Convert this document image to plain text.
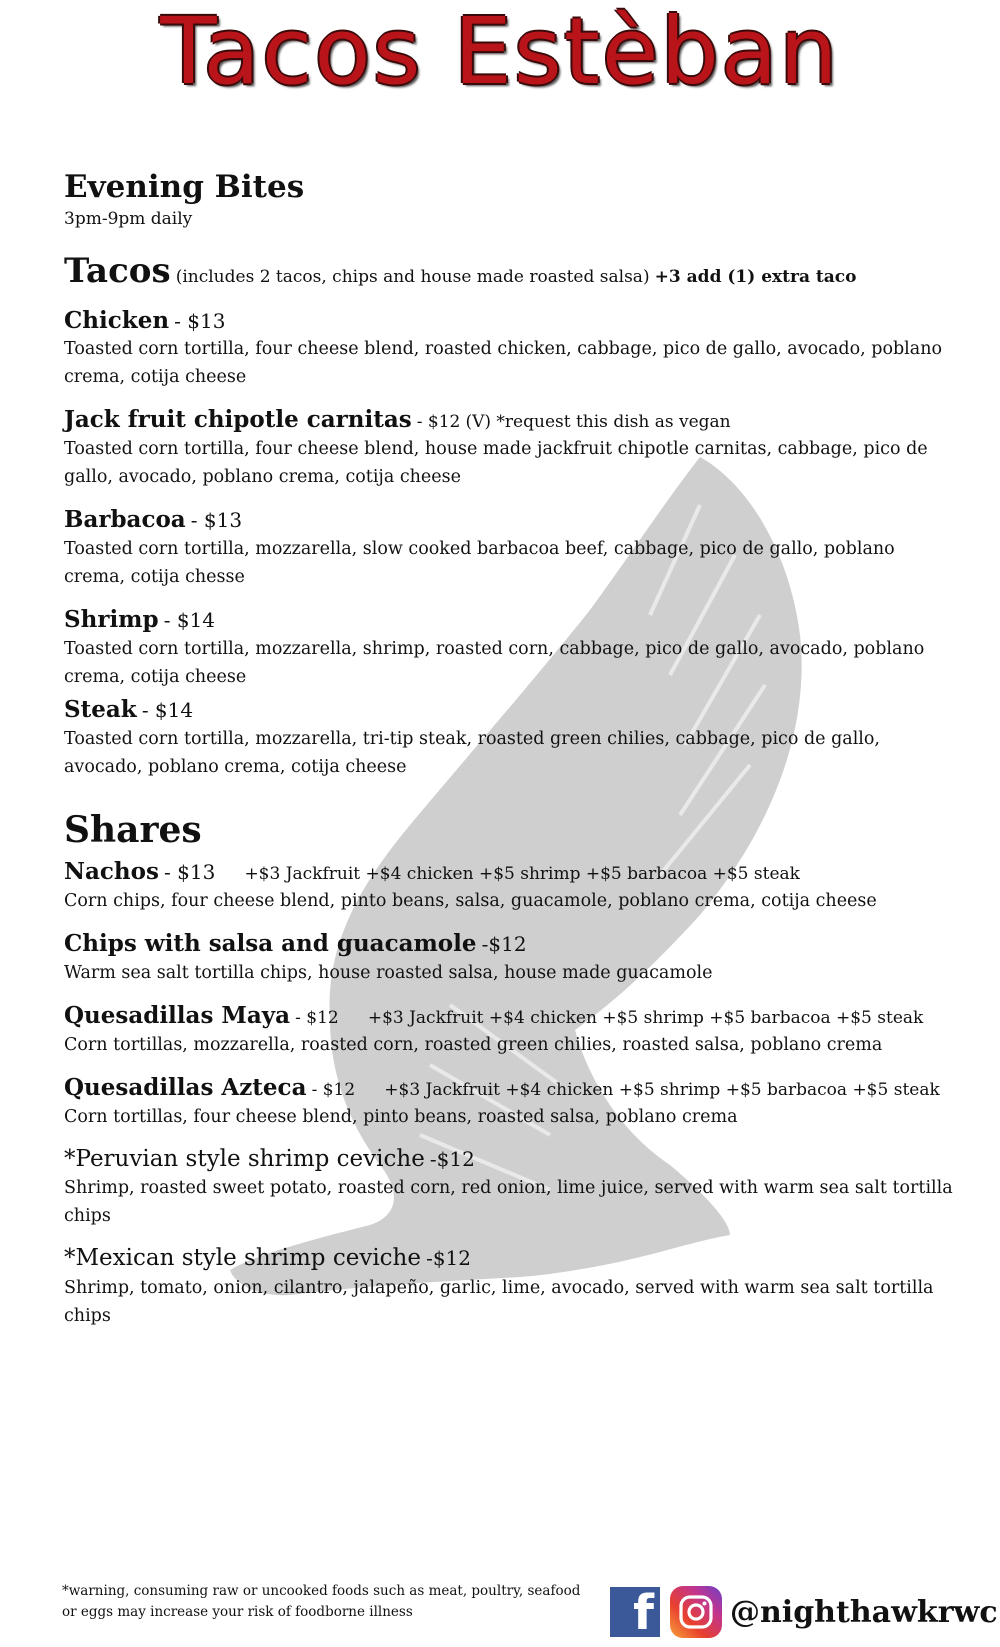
Tacos Estèban
Evening Bites
3pm-9pm daily
Tacos (includes 2 tacos, chips and house made roasted salsa) +3 add (1) extra taco
Chicken - $13
Toasted corn tortilla, four cheese blend, roasted chicken, cabbage, pico de gallo, avocado, poblano crema, cotija cheese
Jack fruit chipotle carnitas - $12 (V) *request this dish as vegan
Toasted corn tortilla, four cheese blend, house made jackfruit chipotle carnitas, cabbage, pico de gallo, avocado, poblano crema, cotija cheese
Barbacoa - $13
Toasted corn tortilla, mozzarella, slow cooked barbacoa beef, cabbage, pico de gallo, poblano crema, cotija chesse
Shrimp - $14
Toasted corn tortilla, mozzarella, shrimp, roasted corn, cabbage, pico de gallo, avocado, poblano crema, cotija cheese
Steak - $14
Toasted corn tortilla, mozzarella, tri-tip steak, roasted green chilies, cabbage, pico de gallo, avocado, poblano crema, cotija cheese
Shares
Nachos - $13 +$3 Jackfruit +$4 chicken +$5 shrimp +$5 barbacoa +$5 steak
Corn chips, four cheese blend, pinto beans, salsa, guacamole, poblano crema, cotija cheese
Chips with salsa and guacamole -$12
Warm sea salt tortilla chips, house roasted salsa, house made guacamole
Quesadillas Maya - $12 +$3 Jackfruit +$4 chicken +$5 shrimp +$5 barbacoa +$5 steak
Corn tortillas, mozzarella, roasted corn, roasted green chilies, roasted salsa, poblano crema
Quesadillas Azteca - $12 +$3 Jackfruit +$4 chicken +$5 shrimp +$5 barbacoa +$5 steak
Corn tortillas, four cheese blend, pinto beans, roasted salsa, poblano crema
*Peruvian style shrimp ceviche -$12
Shrimp, roasted sweet potato, roasted corn, red onion, lime juice, served with warm sea salt tortilla chips
*Mexican style shrimp ceviche -$12
Shrimp, tomato, onion, cilantro, jalapeño, garlic, lime, avocado, served with warm sea salt tortilla chips
*warning, consuming raw or uncooked foods such as meat, poultry, seafood or eggs may increase your risk of foodborne illness	f	@nighthawkrwc
